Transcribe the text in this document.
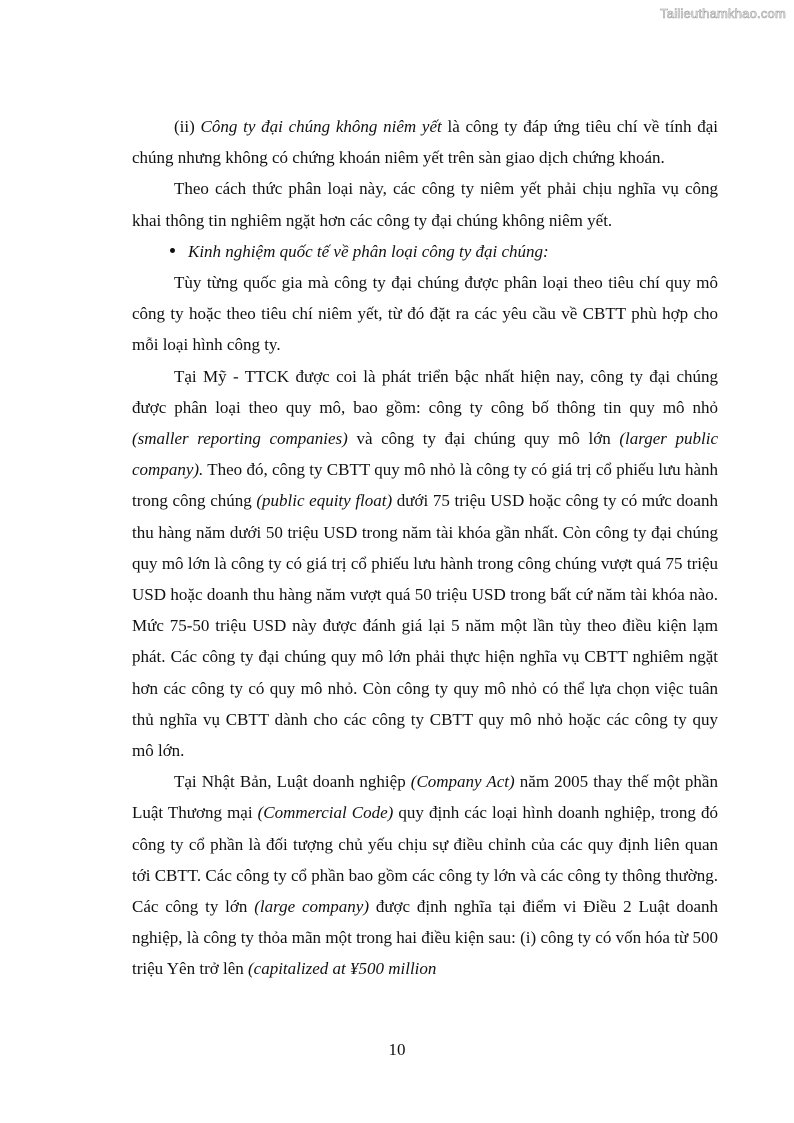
Tailieuthamkhao.com

(ii) Công ty đại chúng không niêm yết là công ty đáp ứng tiêu chí về tính đại chúng nhưng không có chứng khoán niêm yết trên sàn giao dịch chứng khoán.

Theo cách thức phân loại này, các công ty niêm yết phải chịu nghĩa vụ công khai thông tin nghiêm ngặt hơn các công ty đại chúng không niêm yết.

Kinh nghiệm quốc tế về phân loại công ty đại chúng:

Tùy từng quốc gia mà công ty đại chúng được phân loại theo tiêu chí quy mô công ty hoặc theo tiêu chí niêm yết, từ đó đặt ra các yêu cầu về CBTT phù hợp cho mỗi loại hình công ty.

Tại Mỹ - TTCK được coi là phát triển bậc nhất hiện nay, công ty đại chúng được phân loại theo quy mô, bao gồm: công ty công bố thông tin quy mô nhỏ (smaller reporting companies) và công ty đại chúng quy mô lớn (larger public company). Theo đó, công ty CBTT quy mô nhỏ là công ty có giá trị cổ phiếu lưu hành trong công chúng (public equity float) dưới 75 triệu USD hoặc công ty có mức doanh thu hàng năm dưới 50 triệu USD trong năm tài khóa gần nhất. Còn công ty đại chúng quy mô lớn là công ty có giá trị cổ phiếu lưu hành trong công chúng vượt quá 75 triệu USD hoặc doanh thu hàng năm vượt quá 50 triệu USD trong bất cứ năm tài khóa nào. Mức 75-50 triệu USD này được đánh giá lại 5 năm một lần tùy theo điều kiện lạm phát. Các công ty đại chúng quy mô lớn phải thực hiện nghĩa vụ CBTT nghiêm ngặt hơn các công ty có quy mô nhỏ. Còn công ty quy mô nhỏ có thể lựa chọn việc tuân thủ nghĩa vụ CBTT dành cho các công ty CBTT quy mô nhỏ hoặc các công ty quy mô lớn.

Tại Nhật Bản, Luật doanh nghiệp (Company Act) năm 2005 thay thế một phần Luật Thương mại (Commercial Code) quy định các loại hình doanh nghiệp, trong đó công ty cổ phần là đối tượng chủ yếu chịu sự điều chỉnh của các quy định liên quan tới CBTT. Các công ty cổ phần bao gồm các công ty lớn và các công ty thông thường. Các công ty lớn (large company) được định nghĩa tại điểm vi Điều 2 Luật doanh nghiệp, là công ty thỏa mãn một trong hai điều kiện sau: (i) công ty có vốn hóa từ 500 triệu Yên trở lên (capitalized at ¥500 million

10
